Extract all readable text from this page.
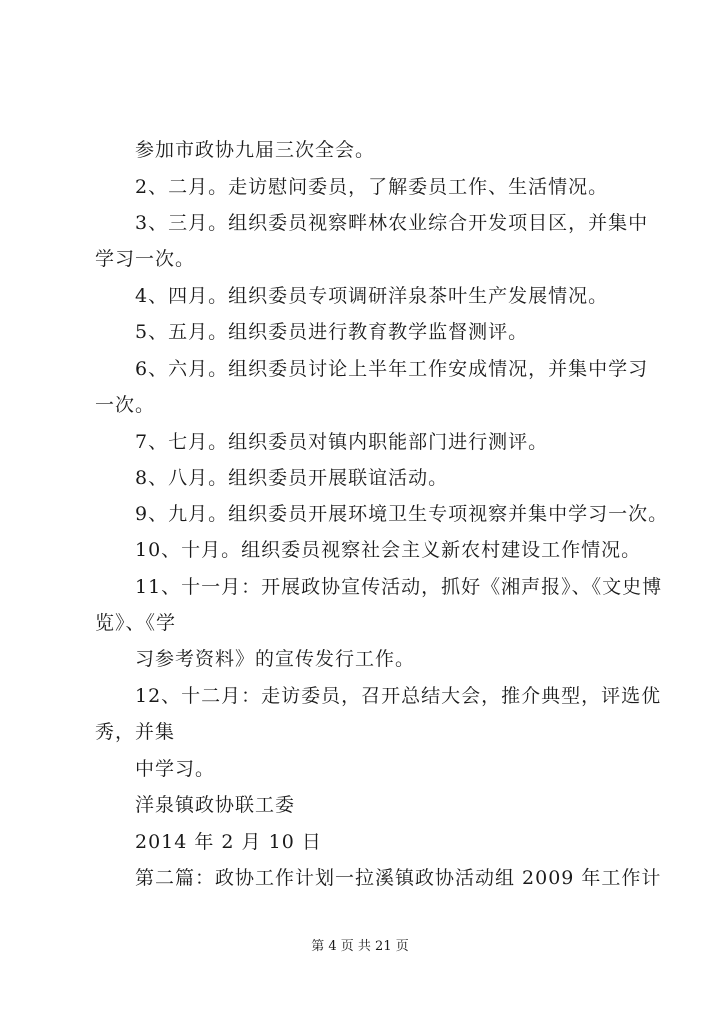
参加市政协九届三次全会。
2、二月。走访慰问委员，了解委员工作、生活情况。
3、三月。组织委员视察畔林农业综合开发项目区，并集中
学习一次。
4、四月。组织委员专项调研洋泉茶叶生产发展情况。
5、五月。组织委员进行教育教学监督测评。
6、六月。组织委员讨论上半年工作安成情况，并集中学习
一次。
7、七月。组织委员对镇内职能部门进行测评。
8、八月。组织委员开展联谊活动。
9、九月。组织委员开展环境卫生专项视察并集中学习一次。
10、十月。组织委员视察社会主义新农村建设工作情况。
11、十一月：开展政协宣传活动，抓好《湘声报》、《文史博
览》、《学
习参考资料》的宣传发行工作。
12、十二月：走访委员，召开总结大会，推介典型，评选优
秀，并集
中学习。
洋泉镇政协联工委
2014 年 2 月 10 日
第二篇：政协工作计划一拉溪镇政协活动组 2009 年工作计
第 4 页 共 21 页
